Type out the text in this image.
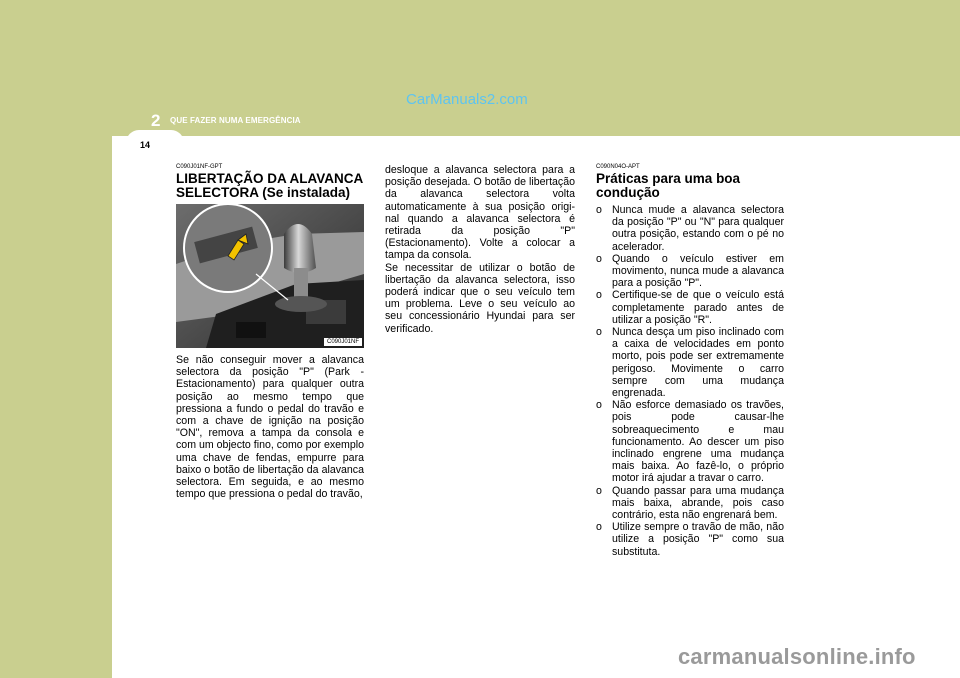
2 QUE FAZER NUMA EMERGÊNCIA
14
CarManuals2.com
C090J01NF-GPT
LIBERTAÇÃO DA ALAVANCA SELECTORA (Se instalada)
C090J01NF
Se não conseguir mover a alavanca selectora da posição "P" (Park - Estacionamento) para qualquer outra posição ao mesmo tempo que pressiona a fundo o pedal do travão e com a chave de ignição na posição "ON", remova a tampa da consola e com um objecto fino, como por exemplo uma chave de fendas, empurre para baixo o botão de libertação da alavanca selectora. Em seguida, e ao mesmo tempo que pressiona o pedal do travão,
desloque a alavanca selectora para a posição desejada. O botão de libertação da alavanca selectora volta automaticamente à sua posição origi- nal quando a alavanca selectora é retirada da posição "P" (Estacionamento). Volte a colocar a tampa da consola.
Se necessitar de utilizar o botão de libertação da alavanca selectora, isso poderá indicar que o seu veículo tem um problema. Leve o seu veículo ao seu concessionário Hyundai para ser verificado.
C090N04O-APT
Práticas para uma boa condução
o Nunca mude a alavanca selectora da posição "P" ou "N" para qualquer outra posição, estando com o pé no acelerador.
o Quando o veículo estiver em movimento, nunca mude a alavanca para a posição "P".
o Certifique-se de que o veículo está completamente parado antes de utilizar a posição "R".
o Nunca desça um piso inclinado com a caixa de velocidades em ponto morto, pois pode ser extremamente perigoso. Movimente o carro sempre com uma mudança engrenada.
o Não esforce demasiado os travões, pois pode causar-lhe sobreaquecimento e mau funcionamento. Ao descer um piso inclinado engrene uma mudança mais baixa. Ao fazê-lo, o próprio motor irá ajudar a travar o carro.
o Quando passar para uma mudança mais baixa, abrande, pois caso contrário, esta não engrenará bem.
o Utilize sempre o travão de mão, não utilize a posição "P" como sua substituta.
carmanualsonline.info
